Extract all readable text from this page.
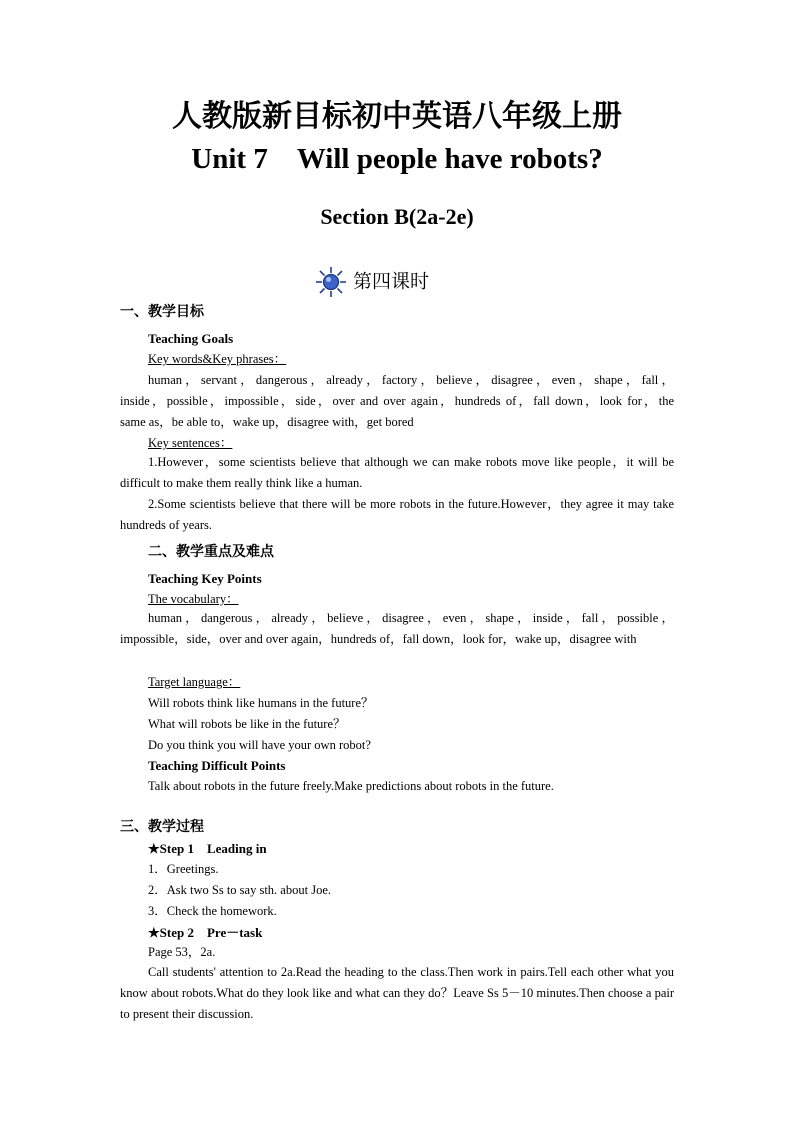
人教版新目标初中英语八年级上册
Unit 7　Will people have robots?
Section B(2a-2e)
第四课时
一、教学目标
Teaching Goals
Key words&Key phrases：
human，servant，dangerous，already，factory，believe，disagree，even，shape，fall，
inside，possible，impossible，side，over and over again，hundreds of，fall down，look for，the
same as，be able to，wake up，disagree with，get bored
Key sentences：
1.However，some scientists believe that although we can make robots move like people，it will be difficult to make them really think like a human.
2.Some scientists believe that there will be more robots in the future.However，they agree it may take hundreds of years.
二、教学重点及难点
Teaching Key Points
The vocabulary：
human，dangerous，already，believe，disagree，even，shape，inside，fall，possible，impossible，side，over and over again，hundreds of，fall down，look for，wake up，disagree with
Target language：
Will robots think like humans in the future？
What will robots be like in the future？
Do you think you will have your own robot?
Teaching Difficult Points
Talk about robots in the future freely.Make predictions about robots in the future.
三、教学过程
★Step 1　Leading in
1．Greetings.
2．Ask two Ss to say sth. about Joe.
3．Check the homework.
★Step 2　Pre－task
Page 53，2a.
Call students' attention to 2a.Read the heading to the class.Then work in pairs.Tell each other what you know about robots.What do they look like and what can they do？Leave Ss 5－10 minutes.Then choose a pair to present their discussion.
